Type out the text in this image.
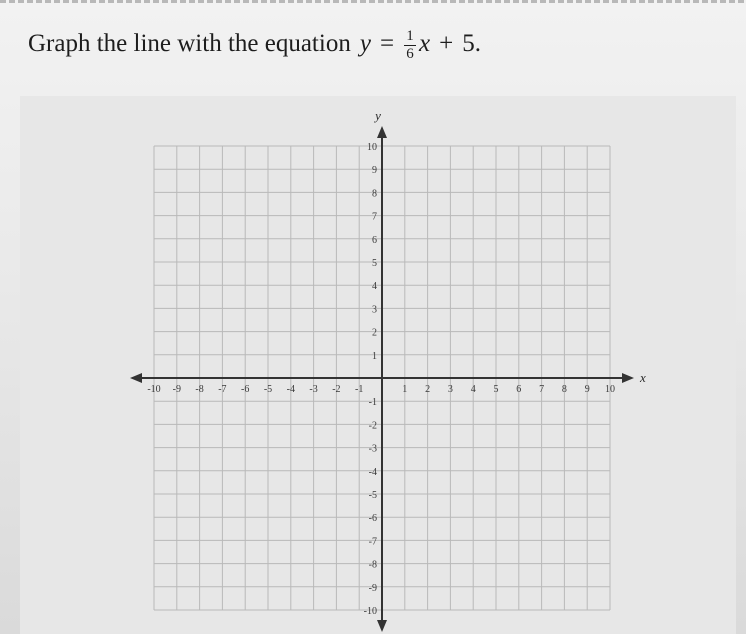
Graph the line with the equation $y = \frac{1}{6}$ x + 5.
x
y
-10 -9 -8 -7 -6 -5 -4 -3 -2 -1	1 2 3 4 5 6 7 8 9 10
10
9
8
7
6
5
4
3
2
1
-1
-2
-3
-4
-5
-6
-7
-8
-9
-10
